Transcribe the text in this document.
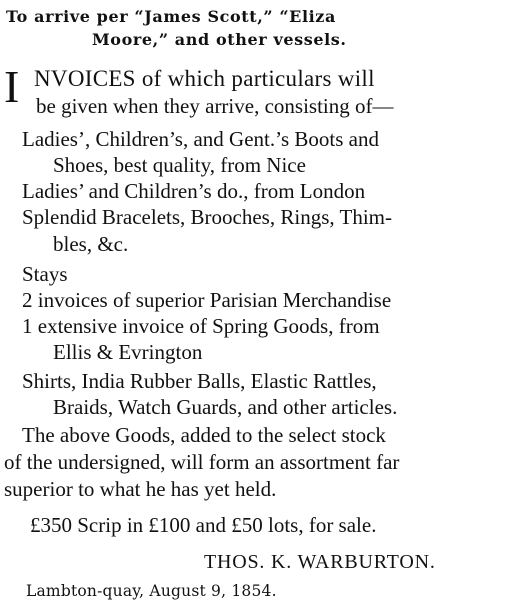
To arrive per “James Scott,” “Eliza
Moore,” and other vessels.
I NVOICES of which particulars will
be given when they arrive, consisting of—
Ladies’, Children’s, and Gent.’s Boots and
Shoes, best quality, from Nice
Ladies’ and Children’s do., from London
Splendid Bracelets, Brooches, Rings, Thim-
bles, &c.
Stays
2 invoices of superior Parisian Merchandise
1 extensive invoice of Spring Goods, from
Ellis & Evrington
Shirts, India Rubber Balls, Elastic Rattles,
Braids, Watch Guards, and other articles.
The above Goods, added to the select stock
of the undersigned, will form an assortment far
superior to what he has yet held.
£350 Scrip in £100 and £50 lots, for sale.
THOS. K. WARBURTON.
Lambton-quay, August 9, 1854.
